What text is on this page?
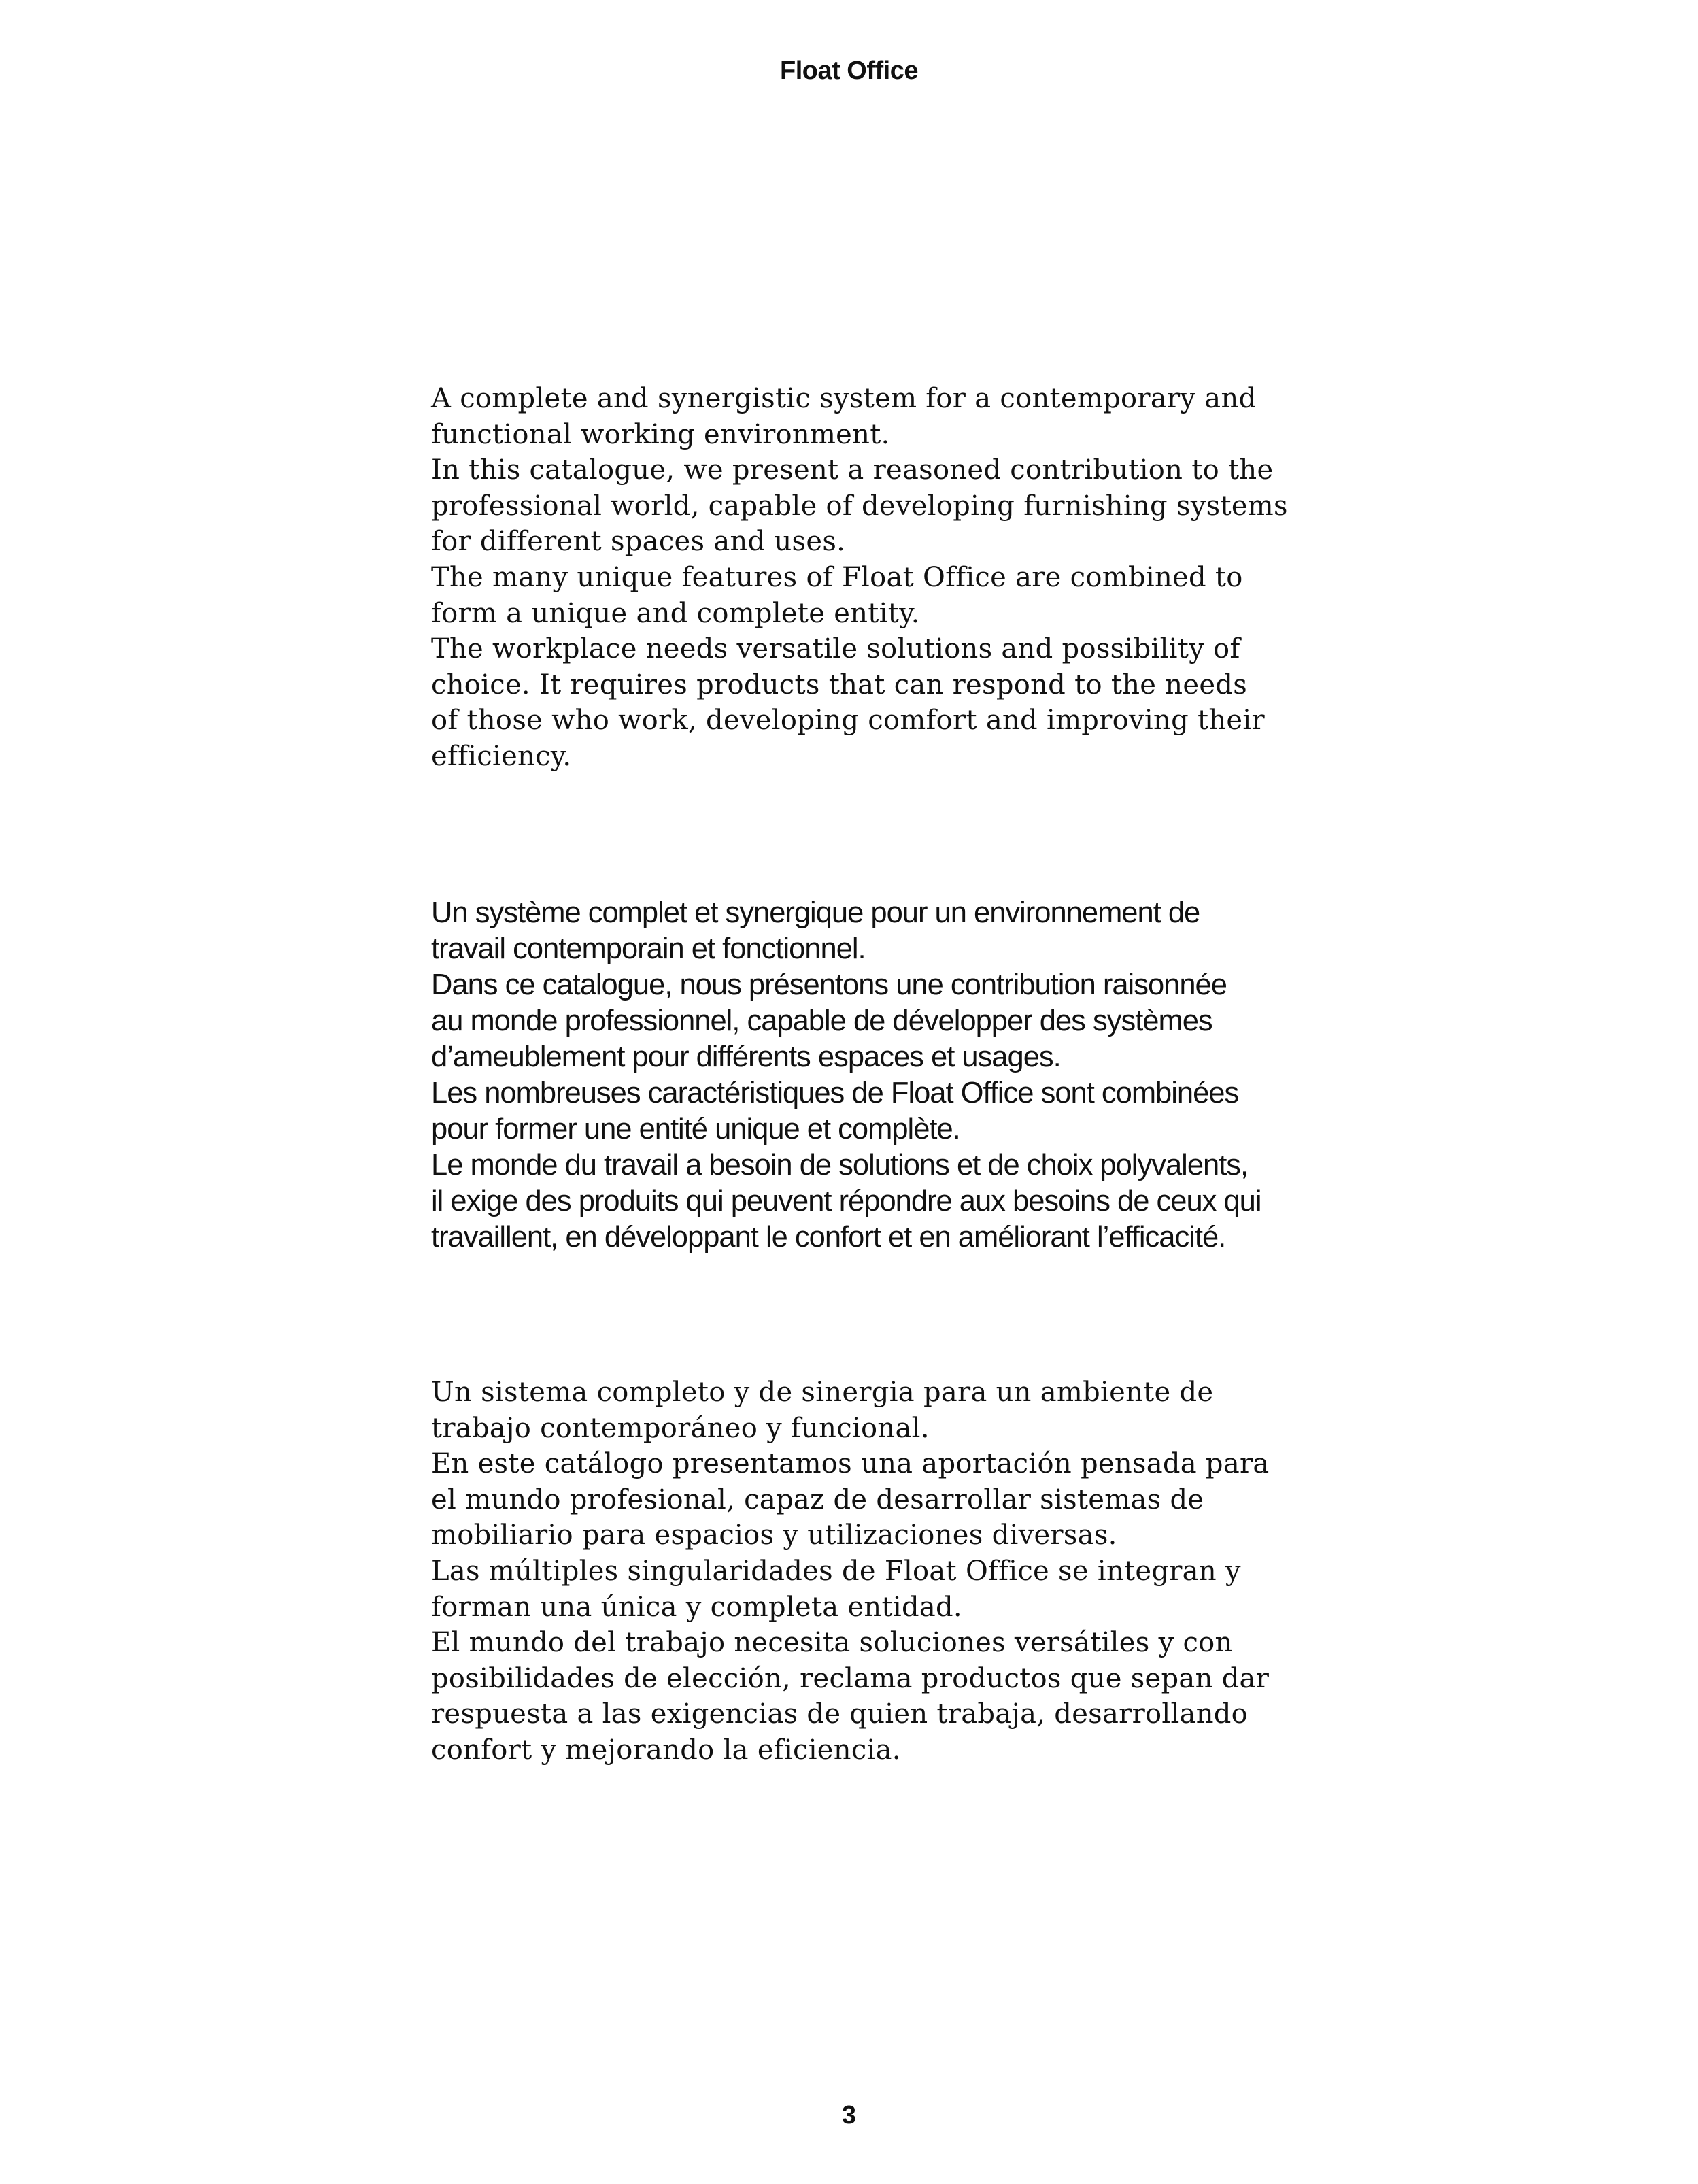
Float Office

A complete and synergistic system for a contemporary and

functional working environment.

In this catalogue, we present a reasoned contribution to the

professional world, capable of developing furnishing systems

for different spaces and uses.

The many unique features of Float Office are combined to

form a unique and complete entity.

The workplace needs versatile solutions and possibility of

choice. It requires products that can respond to the needs

of those who work, developing comfort and improving their

efficiency.

Un système complet et synergique pour un environnement de

travail contemporain et fonctionnel.

Dans ce catalogue, nous présentons une contribution raisonnée

au monde professionnel, capable de développer des systèmes

d’ameublement pour différents espaces et usages.

Les nombreuses caractéristiques de Float Office sont combinées

pour former une entité unique et complète.

Le monde du travail a besoin de solutions et de choix polyvalents,

il exige des produits qui peuvent répondre aux besoins de ceux qui

travaillent, en développant le confort et en améliorant l’efficacité.

Un sistema completo y de sinergia para un ambiente de

trabajo contemporáneo y funcional.

En este catálogo presentamos una aportación pensada para

el mundo profesional, capaz de desarrollar sistemas de

mobiliario para espacios y utilizaciones diversas.

Las múltiples singularidades de Float Office se integran y

forman una única y completa entidad.

El mundo del trabajo necesita soluciones versátiles y con

posibilidades de elección, reclama productos que sepan dar

respuesta a las exigencias de quien trabaja, desarrollando

confort y mejorando la eficiencia.

3
